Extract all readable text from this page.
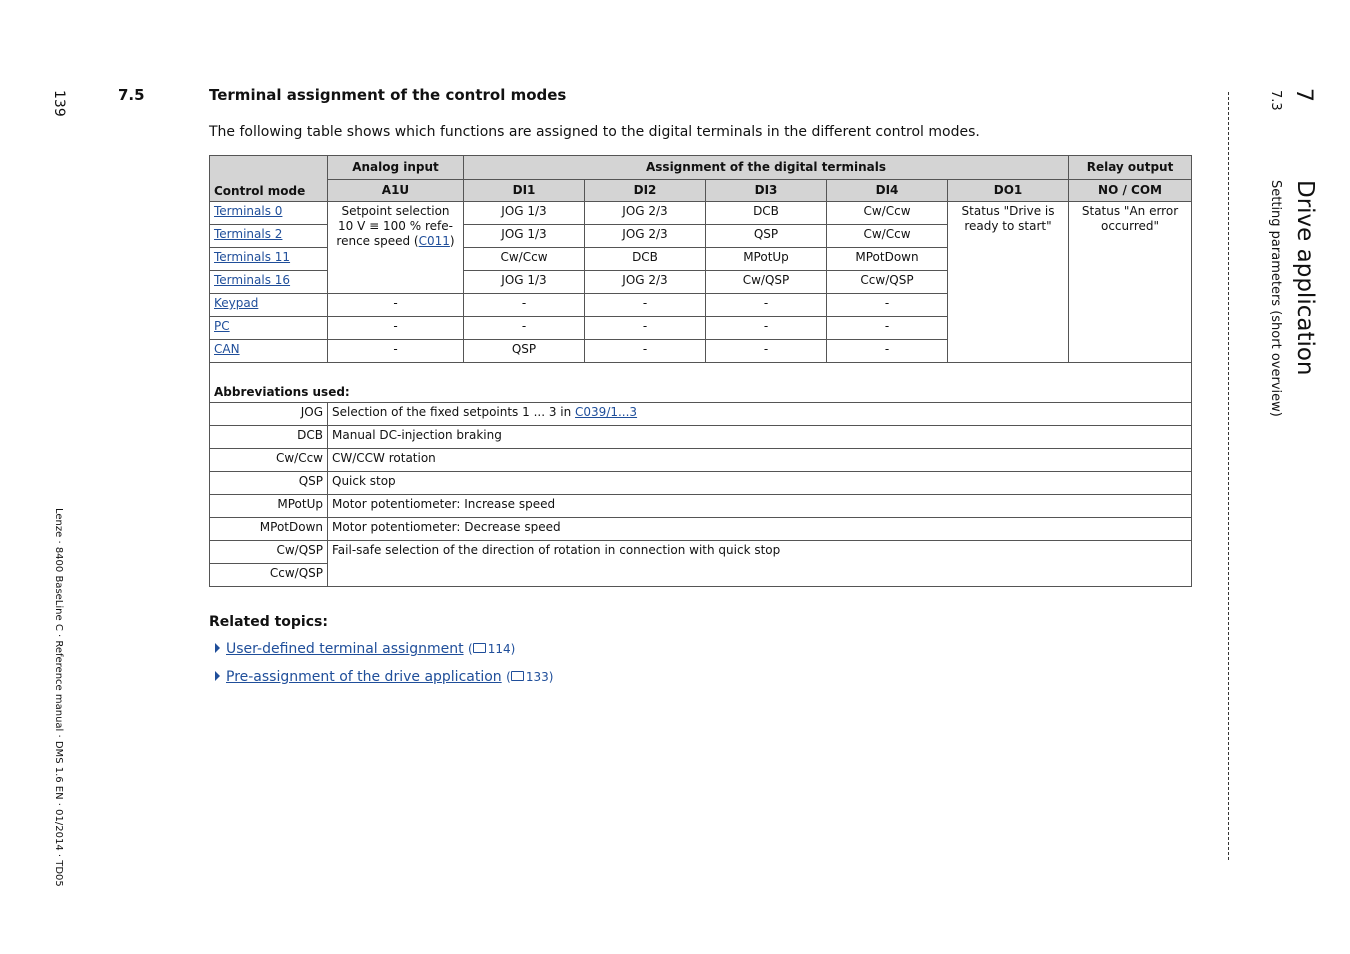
139
Lenze · 8400 BaseLine C · Reference manual · DMS 1.6 EN · 01/2014 · TD05
7
Drive application
7.3
Setting parameters (short overview)
7.5	Terminal assignment of the control modes
The following table shows which functions are assigned to the digital terminals in the different control modes.
Control mode	Analog input	Assignment of the digital terminals					Relay output
	A1U	DI1	DI2	DI3	DI4	DO1	NO / COM
Terminals 0	Setpoint selection
10 V ≡ 100 % refe-
rence speed (C011)	JOG 1/3	JOG 2/3	DCB	Cw/Ccw	Status "Drive is ready to start"	Status "An error occurred"
Terminals 2		JOG 1/3	JOG 2/3	QSP	Cw/Ccw		
Terminals 11		Cw/Ccw	DCB	MPotUp	MPotDown		
Terminals 16		JOG 1/3	JOG 2/3	Cw/QSP	Ccw/QSP		
Keypad	-	-	-	-	-		
PC	-	-	-	-	-		
CAN	-	QSP	-	-	-		
Abbreviations used:							
JOG	Selection of the fixed setpoints 1 ... 3 in C039/1...3						
DCB	Manual DC-injection braking						
Cw/Ccw	CW/CCW rotation						
QSP	Quick stop						
MPotUp	Motor potentiometer: Increase speed						
MPotDown	Motor potentiometer: Decrease speed						
Cw/QSP	Fail-safe selection of the direction of rotation in connection with quick stop						
Ccw/QSP							
Related topics:
User-defined terminal assignment ( 114)
Pre-assignment of the drive application ( 133)
